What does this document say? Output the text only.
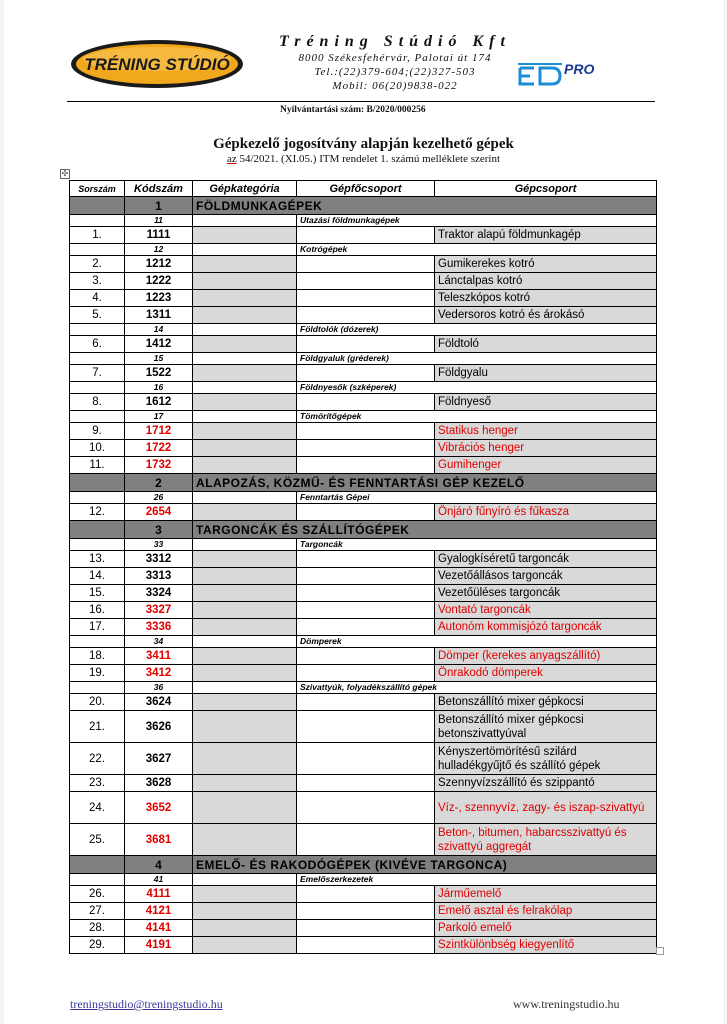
TRÉNING STÚDIÓ
Tréning Stúdió Kft
8000 Székesfehérvár, Palotai út 174
Tel.:(22)379-604;(22)327-503
Mobil: 06(20)9838-022
PRO
Nyilvántartási szám: B/2020/000256
Gépkezelő jogosítvány alapján kezelhető gépek
az 54/2021. (XI.05.) ITM rendelet 1. számú melléklete szerint
✣
Sorszám	Kódszám	Gépkategória	Gépfőcsoport	Gépcsoport
	1	FÖLDMUNKAGÉPEK		
	11		Utazási földmunkagépek	
1.	1111			Traktor alapú földmunkagép
	12		Kotrógépek	
2.	1212			Gumikerekes kotró
3.	1222			Lánctalpas kotró
4.	1223			Teleszkópos kotró
5.	1311			Vedersoros kotró és árokásó
	14		Földtolók (dózerek)	
6.	1412			Földtoló
	15		Földgyaluk (gréderek)	
7.	1522			Földgyalu
	16		Földnyesők (szképerek)	
8.	1612			Földnyeső
	17		Tömörítőgépek	
9.	1712			Statikus henger
10.	1722			Vibrációs henger
11.	1732			Gumihenger
	2	ALAPOZÁS, KÖZMŰ- ÉS FENNTARTÁSI GÉP KEZELŐ		
	26		Fenntartás Gépei	
12.	2654			Önjáró fűnyíró és fűkasza
	3	TARGONCÁK ÉS SZÁLLÍTÓGÉPEK		
	33		Targoncák	
13.	3312			Gyalogkíséretű targoncák
14.	3313			Vezetőállásos targoncák
15.	3324			Vezetőüléses targoncák
16.	3327			Vontató targoncák
17.	3336			Autonóm kommisjózó targoncák
	34		Dömperek	
18.	3411			Dömper (kerekes anyagszállító)
19.	3412			Önrakodó dömperek
	36		Szivattyúk, folyadékszállító gépek	
20.	3624			Betonszállító mixer gépkocsi
21.	3626			Betonszállító mixer gépkocsi betonszivattyúval
22.	3627			Kényszertömörítésű szilárd hulladékgyűjtő és szállító gépek
23.	3628			Szennyvízszállító és szippantó
24.	3652			Víz-, szennyvíz, zagy- és iszap-szivattyú
25.	3681			Beton-, bitumen, habarcsszivattyú és szivattyú aggregát
	4	EMELŐ- ÉS RAKODÓGÉPEK (KIVÉVE TARGONCA)		
	41		Emelőszerkezetek	
26.	4111			Járműemelő
27.	4121			Emelő asztal és felrakólap
28.	4141			Parkoló emelő
29.	4191			Szintkülönbség kiegyenlítő
treningstudio@treningstudio.hu	www.treningstudio.hu
